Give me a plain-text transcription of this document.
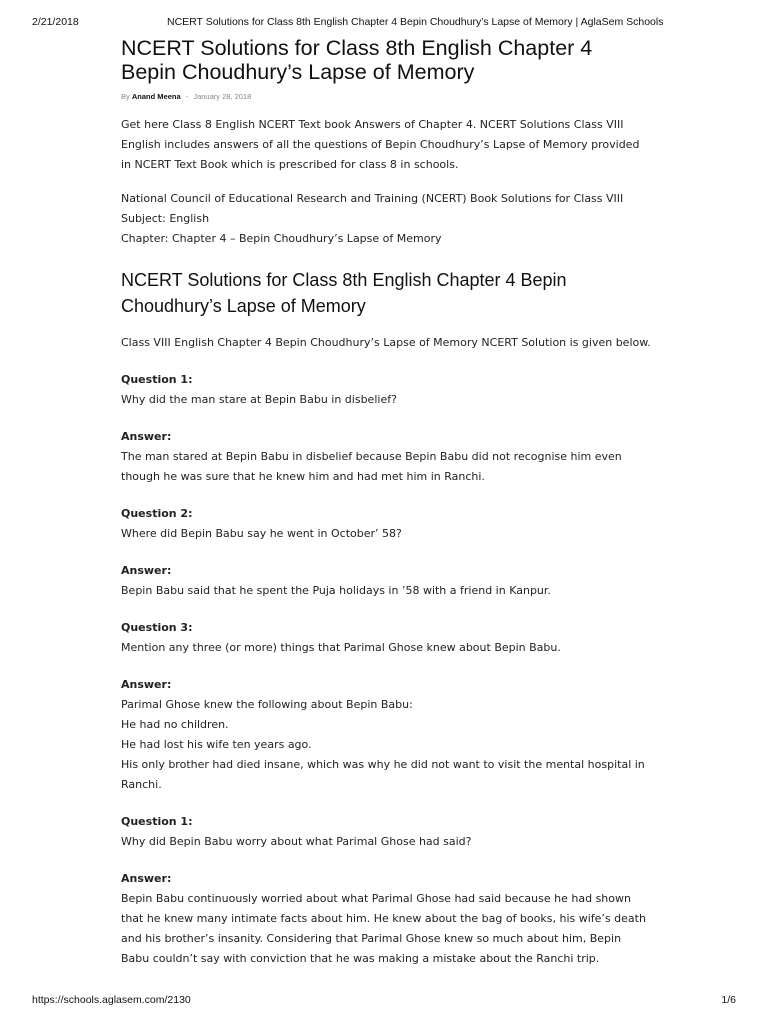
2/21/2018	NCERT Solutions for Class 8th English Chapter 4 Bepin Choudhury’s Lapse of Memory | AglaSem Schools
NCERT Solutions for Class 8th English Chapter 4 Bepin Choudhury’s Lapse of Memory
By Anand Meena - January 28, 2018

Get here Class 8 English NCERT Text book Answers of Chapter 4. NCERT Solutions Class VIII English includes answers of all the questions of Bepin Choudhury’s Lapse of Memory provided in NCERT Text Book which is prescribed for class 8 in schools.

National Council of Educational Research and Training (NCERT) Book Solutions for Class VIII

Subject: English

Chapter: Chapter 4 – Bepin Choudhury’s Lapse of Memory

NCERT Solutions for Class 8th English Chapter 4 Bepin Choudhury’s Lapse of Memory

Class VIII English Chapter 4 Bepin Choudhury’s Lapse of Memory NCERT Solution is given below.

Question 1:

Why did the man stare at Bepin Babu in disbelief?

Answer:

The man stared at Bepin Babu in disbelief because Bepin Babu did not recognise him even though he was sure that he knew him and had met him in Ranchi.

Question 2:

Where did Bepin Babu say he went in October’ 58?

Answer:

Bepin Babu said that he spent the Puja holidays in ’58 with a friend in Kanpur.

Question 3:

Mention any three (or more) things that Parimal Ghose knew about Bepin Babu.

Answer:

Parimal Ghose knew the following about Bepin Babu:

He had no children.

He had lost his wife ten years ago.

His only brother had died insane, which was why he did not want to visit the mental hospital in Ranchi.

Question 1:

Why did Bepin Babu worry about what Parimal Ghose had said?

Answer:

Bepin Babu continuously worried about what Parimal Ghose had said because he had shown that he knew many intimate facts about him. He knew about the bag of books, his wife’s death and his brother’s insanity. Considering that Parimal Ghose knew so much about him, Bepin Babu couldn’t say with conviction that he was making a mistake about the Ranchi trip.

https://schools.aglasem.com/2130	1/6
